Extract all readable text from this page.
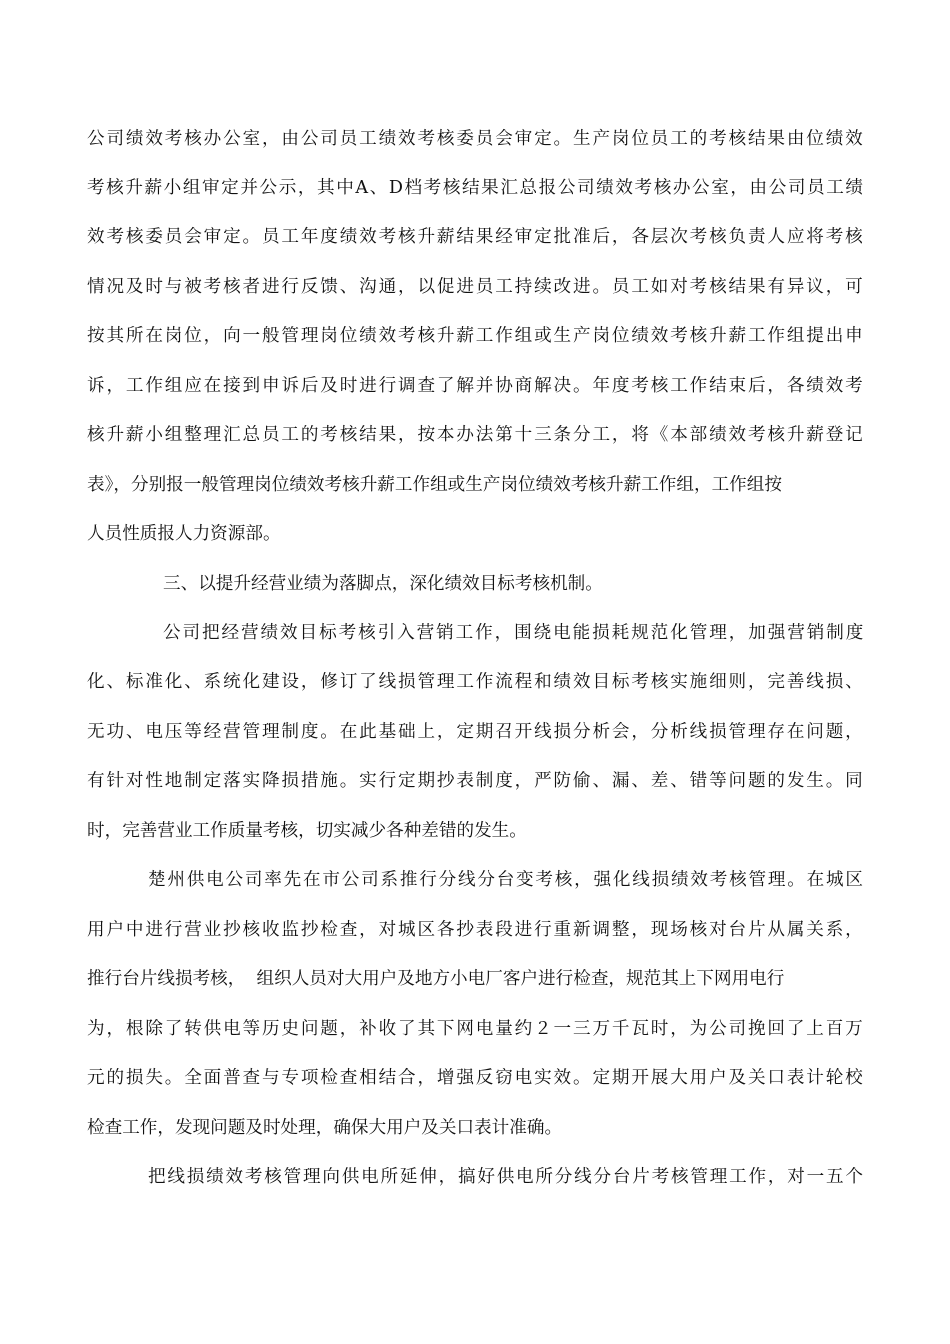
公司绩效考核办公室，由公司员工绩效考核委员会审定。生产岗位员工的考核结果由位绩效

考核升薪小组审定并公示，其中A、D档考核结果汇总报公司绩效考核办公室，由公司员工绩

效考核委员会审定。员工年度绩效考核升薪结果经审定批准后，各层次考核负责人应将考核

情况及时与被考核者进行反馈、沟通，以促进员工持续改进。员工如对考核结果有异议，可

按其所在岗位，向一般管理岗位绩效考核升薪工作组或生产岗位绩效考核升薪工作组提出申

诉，工作组应在接到申诉后及时进行调查了解并协商解决。年度考核工作结束后，各绩效考

核升薪小组整理汇总员工的考核结果，按本办法第十三条分工，将《本部绩效考核升薪登记

表》，分别报一般管理岗位绩效考核升薪工作组或生产岗位绩效考核升薪工作组，工作组按

人员性质报人力资源部。

三、以提升经营业绩为落脚点，深化绩效目标考核机制。

公司把经营绩效目标考核引入营销工作，围绕电能损耗规范化管理，加强营销制度

化、标准化、系统化建设，修订了线损管理工作流程和绩效目标考核实施细则，完善线损、

无功、电压等经营管理制度。在此基础上，定期召开线损分析会，分析线损管理存在问题，

有针对性地制定落实降损措施。实行定期抄表制度，严防偷、漏、差、错等问题的发生。同

时，完善营业工作质量考核，切实减少各种差错的发生。

楚州供电公司率先在市公司系推行分线分台变考核，强化线损绩效考核管理。在城区

用户中进行营业抄核收监抄检查，对城区各抄表段进行重新调整，现场核对台片从属关系，

推行台片线损考核，  组织人员对大用户及地方小电厂客户进行检查，规范其上下网用电行

为，根除了转供电等历史问题，补收了其下网电量约２一三万千瓦时，为公司挽回了上百万

元的损失。全面普查与专项检查相结合，增强反窃电实效。定期开展大用户及关口表计轮校

检查工作，发现问题及时处理，确保大用户及关口表计准确。

把线损绩效考核管理向供电所延伸，搞好供电所分线分台片考核管理工作，对一五个
